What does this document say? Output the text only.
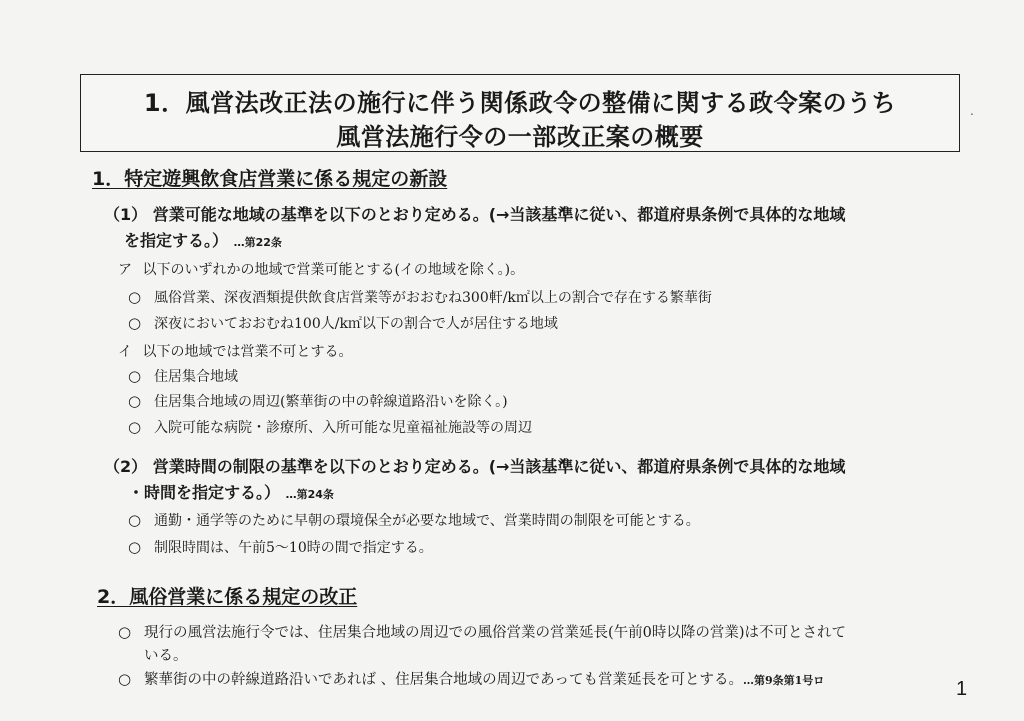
1．風営法改正法の施行に伴う関係政令の整備に関する政令案のうち
風営法施行令の一部改正案の概要
.
1．特定遊興飲食店営業に係る規定の新設
（1） 営業可能な地域の基準を以下のとおり定める。(→当該基準に従い、都道府県条例で具体的な地域
を指定する。） …第22条
ア 以下のいずれかの地域で営業可能とする(イの地域を除く。)。
○ 風俗営業、深夜酒類提供飲食店営業等がおおむね300軒/k㎡以上の割合で存在する繁華街
○ 深夜においておおむね100人/k㎡以下の割合で人が居住する地域
イ 以下の地域では営業不可とする。
○ 住居集合地域
○ 住居集合地域の周辺(繁華街の中の幹線道路沿いを除く。)
○ 入院可能な病院・診療所、入所可能な児童福祉施設等の周辺
（2） 営業時間の制限の基準を以下のとおり定める。(→当該基準に従い、都道府県条例で具体的な地域
・時間を指定する。） …第24条
○ 通勤・通学等のために早朝の環境保全が必要な地域で、営業時間の制限を可能とする。
○ 制限時間は、午前5〜10時の間で指定する。
2．風俗営業に係る規定の改正
○ 現行の風営法施行令では、住居集合地域の周辺での風俗営業の営業延長(午前0時以降の営業)は不可とされて
いる。
○ 繁華街の中の幹線道路沿いであれば 、住居集合地域の周辺であっても営業延長を可とする。…第9条第1号ロ	1
